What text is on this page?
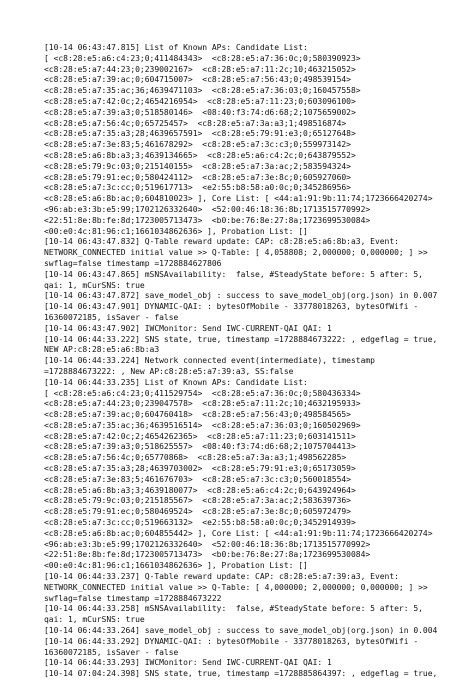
[10-14 06:43:47.815] List of Known APs: Candidate List:
[ <c8:28:e5:a6:c4:23;0;411484343>  <c8:28:e5:a7:36:0c;0;580390923>
<c8:28:e5:a7:44:23;0;239002167>  <c8:28:e5:a7:11:2c;10;463215052>
<c8:28:e5:a7:39:ac;0;604715007>  <c8:28:e5:a7:56:43;0;498539154>
<c8:28:e5:a7:35:ac;36;4639471103>  <c8:28:e5:a7:36:03;0;160457558>
<c8:28:e5:a7:42:0c;2;4654216954>  <c8:28:e5:a7:11:23;0;603096100>
<c8:28:e5:a7:39:a3;0;518580146>  <08:40:f3:74:d6:68;2;1075659002>
<c8:28:e5:a7:56:4c;0;65725457>  <c8:28:e5:a7:3a:a3;1;498516874>
<c8:28:e5:a7:35:a3;28;4639657591>  <c8:28:e5:79:91:e3;0;65127648>
<c8:28:e5:a7:3e:83;5;461678292>  <c8:28:e5:a7:3c:c3;0;559973142>
<c8:28:e5:a6:8b:a3;3;4639134665>  <c8:28:e5:a6:c4:2c;0;643879552>
<c8:28:e5:79:9c:03;0;215140155>  <c8:28:e5:a7:3a:ac;2;583594324>
<c8:28:e5:79:91:ec;0;580424112>  <c8:28:e5:a7:3e:8c;0;605927060>
<c8:28:e5:a7:3c:cc;0;519617713>  <e2:55:b8:58:a0:0c;0;345286956>
<c8:28:e5:a6:8b:ac;0;604810023> ], Core List: [ <44:a1:91:9b:11:74;1723666420274>
<96:ab:e3:3b:e5:99;1702126332640>  <52:00:46:18:36:8b;1713515770992>
<22:51:8e:8b:fe:8d;1723005713473>  <b0:be:76:8e:27:8a;1723699530084>
<00:e0:4c:81:96:c1;1661034862636> ], Probation List: []
[10-14 06:43:47.832] Q-Table reward update: CAP: c8:28:e5:a6:8b:a3, Event:
NETWORK_CONNECTED initial value >> Q-Table: [ 4,058808; 2,000000; 0,000000; ] >>
swflag=false timestamp =1728884627806
[10-14 06:43:47.865] mSNSAvailability:  false, #SteadyState before: 5 after: 5,
qai: 1, mCurSNS: true
[10-14 06:43:47.872] save_model_obj : success to save_model_obj(org.json) in 0.007
[10-14 06:43:47.901] DYNAMIC-QAI: : bytesOfMobile - 33778018263, bytesOfWifi -
16360072185, isSaver - false
[10-14 06:43:47.902] IWCMonitor: Send IWC-CURRENT-QAI QAI: 1
[10-14 06:44:33.222] SNS state, true, timestamp =1728884673222: , edgeflag = true,
NEW AP:c8:28:e5:a6:8b:a3
[10-14 06:44:33.224] Network connected event(intermediate), timestamp
=1728884673222: , New AP:c8:28:e5:a7:39:a3, SS:false
[10-14 06:44:33.235] List of Known APs: Candidate List:
[ <c8:28:e5:a6:c4:23;0;411529754>  <c8:28:e5:a7:36:0c;0;580436334>
<c8:28:e5:a7:44:23;0;239047578>  <c8:28:e5:a7:11:2c;10;4632195933>
<c8:28:e5:a7:39:ac;0;604760418>  <c8:28:e5:a7:56:43;0;498584565>
<c8:28:e5:a7:35:ac;36;4639516514>  <c8:28:e5:a7:36:03;0;160502969>
<c8:28:e5:a7:42:0c;2;4654262365>  <c8:28:e5:a7:11:23;0;603141511>
<c8:28:e5:a7:39:a3;0;518625557>  <08:40:f3:74:d6:68;2;1075704413>
<c8:28:e5:a7:56:4c;0;65770868>  <c8:28:e5:a7:3a:a3;1;498562285>
<c8:28:e5:a7:35:a3;28;4639703002>  <c8:28:e5:79:91:e3;0;65173059>
<c8:28:e5:a7:3e:83;5;461676703>  <c8:28:e5:a7:3c:c3;0;560018554>
<c8:28:e5:a6:8b:a3;3;4639180077>  <c8:28:e5:a6:c4:2c;0;643924964>
<c8:28:e5:79:9c:03;0;215185567>  <c8:28:e5:a7:3a:ac;2;583639736>
<c8:28:e5:79:91:ec;0;580469524>  <c8:28:e5:a7:3e:8c;0;605972479>
<c8:28:e5:a7:3c:cc;0;519663132>  <e2:55:b8:58:a0:0c;0;3452914939>
<c8:28:e5:a6:8b:ac;0;604855442> ], Core List: [ <44:a1:91:9b:11:74;1723666420274>
<96:ab:e3:3b:e5:99;1702126332640>  <52:00:46:18:36:8b;1713515770992>
<22:51:8e:8b:fe:8d;1723005713473>  <b0:be:76:8e:27:8a;1723699530084>
<00:e0:4c:81:96:c1;1661034862636> ], Probation List: []
[10-14 06:44:33.237] Q-Table reward update: CAP: c8:28:e5:a7:39:a3, Event:
NETWORK_CONNECTED initial value >> Q-Table: [ 4,000000; 2,000000; 0,000000; ] >>
swflag=false timestamp =1728884673222
[10-14 06:44:33.258] mSNSAvailability:  false, #SteadyState before: 5 after: 5,
qai: 1, mCurSNS: true
[10-14 06:44:33.264] save_model_obj : success to save_model_obj(org.json) in 0.004
[10-14 06:44:33.292] DYNAMIC-QAI: : bytesOfMobile - 33778018263, bytesOfWifi -
16360072185, isSaver - false
[10-14 06:44:33.293] IWCMonitor: Send IWC-CURRENT-QAI QAI: 1
[10-14 07:04:24.398] SNS state, true, timestamp =1728885864397: , edgeflag = true,
